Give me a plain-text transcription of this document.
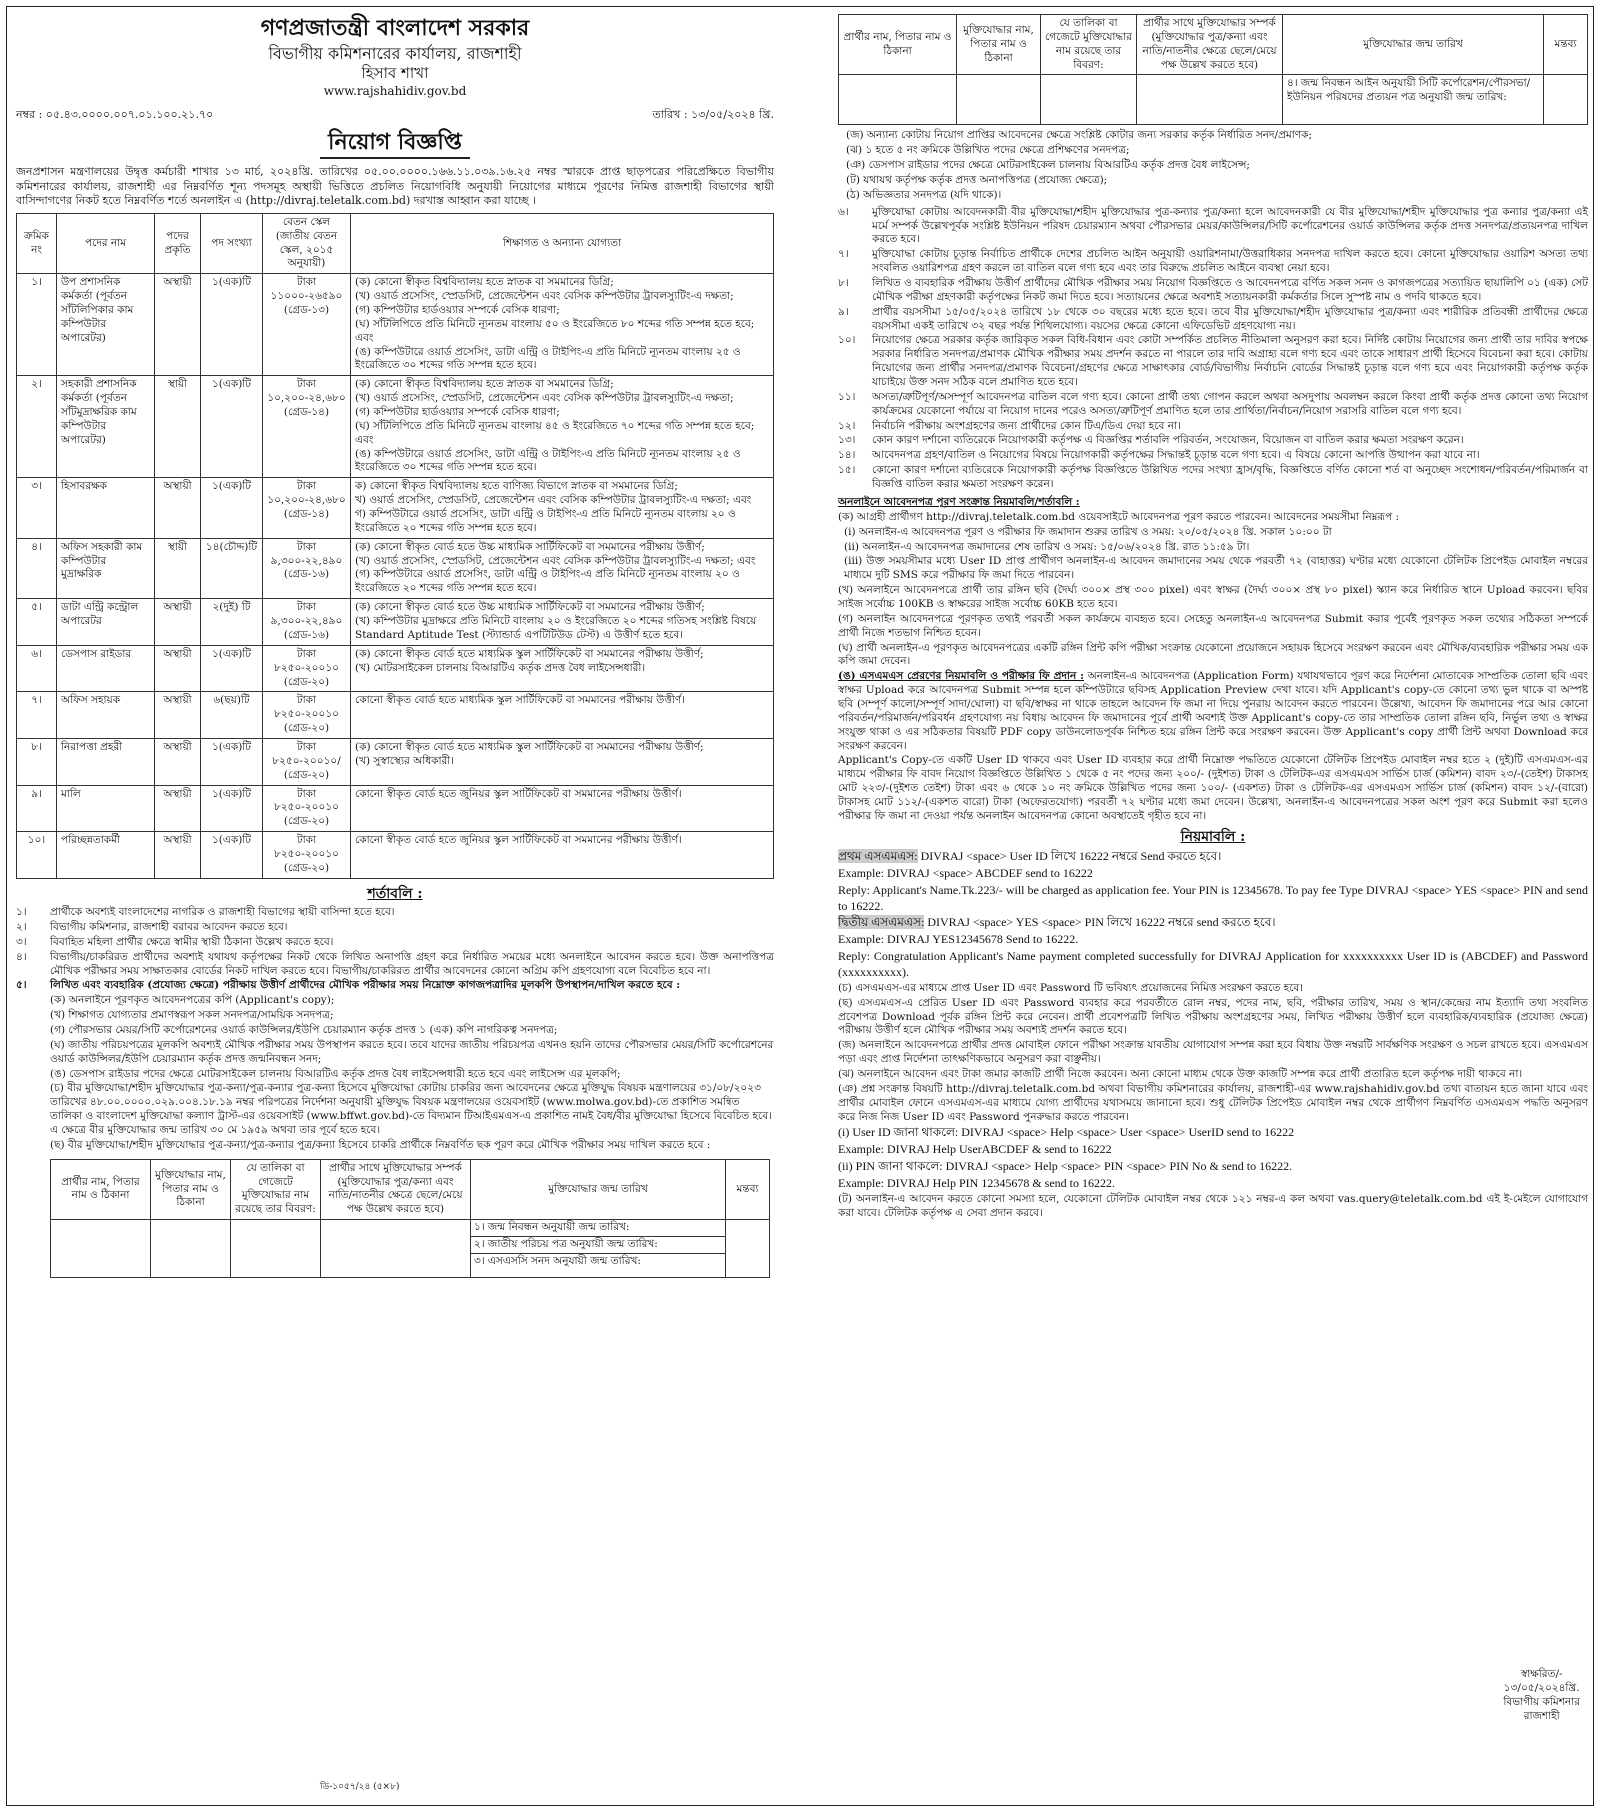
গণপ্রজাতন্ত্রী বাংলাদেশ সরকার
বিভাগীয় কমিশনারের কার্যালয়, রাজশাহী
হিসাব শাখা
www.rajshahidiv.gov.bd
নম্বর : ০৫.৪৩.০০০০.০০৭.০১.১০০.২১.৭০	তারিখ : ১৩/০৫/২০২৪ খ্রি.
নিয়োগ বিজ্ঞপ্তি
জনপ্রশাসন মন্ত্রণালয়ের উদ্বৃত্ত কর্মচারী শাখার ১৩ মার্চ, ২০২৪খ্রি. তারিখের ০৫.০০.০০০০.১৬৬.১১.০৩৯.১৬.২৫ নম্বর স্মারকে প্রাপ্ত ছাড়পত্রের পরিপ্রেক্ষিতে বিভাগীয় কমিশনারের কার্যালয়, রাজশাহী এর নিম্নবর্ণিত শূন্য পদসমূহ অস্থায়ী ভিত্তিতে প্রচলিত নিয়োগবিধি অনুযায়ী নিয়োগের মাধ্যমে পূরণের নিমিত্ত রাজশাহী বিভাগের স্থায়ী বাসিন্দাগণের নিকট হতে নিম্নবর্ণিত শর্তে অনলাইন এ (http://divraj.teletalk.com.bd) দরখাস্ত আহ্বান করা যাচ্ছে ।
ক্রমিক নং	পদের নাম	পদের প্রকৃতি	পদ সংখ্যা	বেতন স্কেল (জাতীয় বেতন স্কেল, ২০১৫ অনুযায়ী)	শিক্ষাগত ও অন্যান্য যোগ্যতা
১।	উপ প্রশাসনিক কর্মকর্তা (পূর্বতন সাঁটলিপিকার কাম কম্পিউটার অপারেটর)	অস্থায়ী	১(এক)টি	টাকা ১১০০০-২৬৫৯০ (গ্রেড-১৩)	(ক) কোনো স্বীকৃত বিশ্ববিদ্যালয় হতে স্নাতক বা সমমানের ডিগ্রি;

(খ) ওয়ার্ড প্রসেসিং, স্প্রেডসিট, প্রেজেন্টেশন এবং বেসিক কম্পিউটার ট্রাবলস্যুটিং-এ দক্ষতা;

(গ) কম্পিউটার হার্ডওয়্যার সম্পর্কে বেসিক ধারণা;

(ঘ) সাঁটলিপিতে প্রতি মিনিটে ন্যূনতম বাংলায় ৫০ ও ইংরেজিতে ৮০ শব্দের গতি সম্পন্ন হতে হবে; এবং

(ঙ) কম্পিউটারে ওয়ার্ড প্রসেসিং, ডাটা এন্ট্রি ও টাইপিং-এ প্রতি মিনিটে ন্যূনতম বাংলায় ২৫ ও ইংরেজিতে ৩০ শব্দের গতি সম্পন্ন হতে হবে।

২।	সহকারী প্রশাসনিক কর্মকর্তা (পূর্বতন সাঁটমুদ্রাক্ষরিক কাম কম্পিউটার অপারেটর)	স্থায়ী	১(এক)টি	টাকা ১০,২০০-২৪,৬৮০ (গ্রেড-১৪)	(ক) কোনো স্বীকৃত বিশ্ববিদ্যালয় হতে স্নাতক বা সমমানের ডিগ্রি;

(খ) ওয়ার্ড প্রসেসিং, স্প্রেডসিট, প্রেজেন্টেশন এবং বেসিক কম্পিউটার ট্রাবলস্যুটিং-এ দক্ষতা;

(গ) কম্পিউটার হার্ডওয়্যার সম্পর্কে বেসিক ধারণা;

(ঘ) সাঁটলিপিতে প্রতি মিনিটে ন্যূনতম বাংলায় ৪৫ ও ইংরেজিতে ৭০ শব্দের গতি সম্পন্ন হতে হবে; এবং

(ঙ) কম্পিউটারে ওয়ার্ড প্রসেসিং, ডাটা এন্ট্রি ও টাইপিং-এ প্রতি মিনিটে ন্যূনতম বাংলায় ২৫ ও ইংরেজিতে ৩০ শব্দের গতি সম্পন্ন হতে হবে।

৩।	হিসাবরক্ষক	অস্থায়ী	১(এক)টি	টাকা ১০,২০০-২৪,৬৮০ (গ্রেড-১৪)	ক) কোনো স্বীকৃত বিশ্ববিদ্যালয় হতে বাণিজ্য বিভাগে স্নাতক বা সমমানের ডিগ্রি;

খ) ওয়ার্ড প্রসেসিং, স্প্রেডসিট, প্রেজেন্টেশন এবং বেসিক কম্পিউটার ট্রাবলস্যুটিং-এ দক্ষতা; এবং

গ) কম্পিউটারে ওয়ার্ড প্রসেসিং, ডাটা এন্ট্রি ও টাইপিং-এ প্রতি মিনিটে ন্যূনতম বাংলায় ২০ ও ইংরেজিতে ২০ শব্দের গতি সম্পন্ন হতে হবে।

৪।	অফিস সহকারী কাম কম্পিউটার মুদ্রাক্ষরিক	স্থায়ী	১৪(চৌদ্দ)টি	টাকা ৯,৩০০-২২,৪৯০ (গ্রেড-১৬)	(ক) কোনো স্বীকৃত বোর্ড হতে উচ্চ মাধ্যমিক সার্টিফিকেট বা সমমানের পরীক্ষায় উত্তীর্ণ;

(খ) ওয়ার্ড প্রসেসিং, স্প্রেডসিট, প্রেজেন্টেশন এবং বেসিক কম্পিউটার ট্রাবলস্যুটিং-এ দক্ষতা; এবং

(গ) কম্পিউটারে ওয়ার্ড প্রসেসিং, ডাটা এন্ট্রি ও টাইপিং-এ প্রতি মিনিটে ন্যূনতম বাংলায় ২০ ও ইংরেজিতে ২০ শব্দের গতি সম্পন্ন হতে হবে।

৫।	ডাটা এন্ট্রি কন্ট্রোল অপারেটর	অস্থায়ী	২(দুই) টি	টাকা ৯,৩০০-২২,৪৯০ (গ্রেড-১৬)	(ক) কোনো স্বীকৃত বোর্ড হতে উচ্চ মাধ্যমিক সার্টিফিকেট বা সমমানের পরীক্ষায় উত্তীর্ণ;

(খ) কম্পিউটার মুদ্রাক্ষরে প্রতি মিনিটে বাংলায় ২০ ও ইংরেজিতে ২০ শব্দের গতিসহ সংশ্লিষ্ট বিষয়ে Standard Aptitude Test (স্ট্যান্ডার্ড এপটিটিউড টেস্ট) এ উত্তীর্ণ হতে হবে।

৬।	ডেসপাস রাইডার	অস্থায়ী	১(এক)টি	টাকা ৮২৫০-২০০১০ (গ্রেড-২০)	(ক) কোনো স্বীকৃত বোর্ড হতে মাধ্যমিক স্কুল সার্টিফিকেট বা সমমানের পরীক্ষায় উত্তীর্ণ;

(খ) মোটরসাইকেল চালনায় বিআরটিএ কর্তৃক প্রদত্ত বৈধ লাইসেন্সধারী।

৭।	অফিস সহায়ক	অস্থায়ী	৬(ছয়)টি	টাকা ৮২৫০-২০০১০ (গ্রেড-২০)	কোনো স্বীকৃত বোর্ড হতে মাধ্যমিক স্কুল সার্টিফিকেট বা সমমানের পরীক্ষায় উত্তীর্ণ।

৮।	নিরাপত্তা প্রহরী	অস্থায়ী	১(এক)টি	টাকা ৮২৫০-২০০১০/ (গ্রেড-২০)	(ক) কোনো স্বীকৃত বোর্ড হতে মাধ্যমিক স্কুল সার্টিফিকেট বা সমমানের পরীক্ষায় উত্তীর্ণ;

(খ) সুস্বাস্থ্যের অধিকারী।

৯।	মালি	অস্থায়ী	১(এক)টি	টাকা ৮২৫০-২০০১০ (গ্রেড-২০)	কোনো স্বীকৃত বোর্ড হতে জুনিয়র স্কুল সার্টিফিকেট বা সমমানের পরীক্ষায় উত্তীর্ণ।

১০।	পরিচ্ছন্নতাকর্মী	অস্থায়ী	১(এক)টি	টাকা ৮২৫০-২০০১০ (গ্রেড-২০)	কোনো স্বীকৃত বোর্ড হতে জুনিয়র স্কুল সার্টিফিকেট বা সমমানের পরীক্ষায় উত্তীর্ণ।

শর্তাবলি :
১।	প্রার্থীকে অবশ্যই বাংলাদেশের নাগরিক ও রাজশাহী বিভাগের স্থায়ী বাসিন্দা হতে হবে।
২।	বিভাগীয় কমিশনার, রাজশাহী বরাবর আবেদন করতে হবে।
৩।	বিবাহিত মহিলা প্রার্থীর ক্ষেত্রে স্বামীর স্থায়ী ঠিকানা উল্লেখ করতে হবে।
৪।	বিভাগীয়/চাকরিরত প্রার্থীদের অবশ্যই যথাযথ কর্তৃপক্ষের নিকট থেকে লিখিত অনাপত্তি গ্রহণ করে নির্ধারিত সময়ের মধ্যে অনলাইনে আবেদন করতে হবে। উক্ত অনাপত্তিপত্র মৌখিক পরীক্ষার সময় সাক্ষাতকার বোর্ডের নিকট দাখিল করতে হবে। বিভাগীয়/চাকরিরত প্রার্থীর আবেদনের কোনো অগ্রিম কপি গ্রহণযোগ্য বলে বিবেচিত হবে না।
৫।	লিখিত এবং ব্যবহারিক (প্রযোজ্য ক্ষেত্রে) পরীক্ষায় উত্তীর্ণ প্রার্থীদের মৌখিক পরীক্ষার সময় নিম্নোক্ত কাগজপত্রাদির মূলকপি উপস্থাপন/দাখিল করতে হবে :

(ক) অনলাইনে পূরণকৃত আবেদনপত্রের কপি (Applicant's copy);

(খ) শিক্ষাগত যোগ্যতার প্রমাণস্বরূপ সকল সনদপত্র/সাময়িক সনদপত্র;

(গ) পৌরসভার মেয়র/সিটি কর্পোরেশনের ওয়ার্ড কাউন্সিলর/ইউপি চেয়ারম্যান কর্তৃক প্রদত্ত ১ (এক) কপি নাগরিকত্ব সনদপত্র;

(ঘ) জাতীয় পরিচয়পত্রের মূলকপি অবশ্যই মৌখিক পরীক্ষার সময় উপস্থাপন করতে হবে। তবে যাদের জাতীয় পরিচয়পত্র এখনও হয়নি তাদের পৌরসভার মেয়র/সিটি কর্পোরেশনের ওয়ার্ড কাউন্সিলর/ইউপি চেয়ারম্যান কর্তৃক প্রদত্ত জন্মনিবন্ধন সনদ;

(ঙ) ডেসপাস রাইডার পদের ক্ষেত্রে মোটরসাইকেল চালনায় বিআরটিএ কর্তৃক প্রদত্ত বৈধ লাইসেন্সধারী হতে হবে এবং লাইসেন্স এর মূলকপি;

(চ) বীর মুক্তিযোদ্ধা/শহীদ মুক্তিযোদ্ধার পুত্র-কন্যা/পুত্র-কন্যার পুত্র-কন্যা হিসেবে মুক্তিযোদ্ধা কোটায় চাকরির জন্য আবেদনের ক্ষেত্রে মুক্তিযুদ্ধ বিষয়ক মন্ত্রণালয়ের ৩১/০৮/২০২৩ তারিখের ৪৮.০০.০০০০.০২৯.০০৪.১৮.১৯ নম্বর পরিপত্রের নির্দেশনা অনুযায়ী মুক্তিযুদ্ধ বিষয়ক মন্ত্রণালয়ের ওয়েবসাইট (www.molwa.gov.bd)-তে প্রকাশিত সমন্বিত তালিকা ও বাংলাদেশ মুক্তিযোদ্ধা কল্যাণ ট্রাস্ট-এর ওয়েবসাইট (www.bffwt.gov.bd)-তে বিদ্যমান টিআইএমএস-এ প্রকাশিত নামই বৈধ/বীর মুক্তিযোদ্ধা হিসেবে বিবেচিত হবে। এ ক্ষেত্রে বীর মুক্তিযোদ্ধার জন্ম তারিখ ৩০ মে ১৯৫৯ অথবা তার পূর্বে হতে হবে।

(ছ) বীর মুক্তিযোদ্ধা/শহীদ মুক্তিযোদ্ধার পুত্র-কন্যা/পুত্র-কন্যার পুত্র/কন্যা হিসেবে চাকরি প্রার্থীকে নিম্নবর্ণিত ছক পূরণ করে মৌখিক পরীক্ষার সময় দাখিল করতে হবে :

প্রার্থীর নাম, পিতার নাম ও ঠিকানা	মুক্তিযোদ্ধার নাম, পিতার নাম ও ঠিকানা	যে তালিকা বা গেজেটে মুক্তিযোদ্ধার নাম রয়েছে তার বিবরণ:	প্রার্থীর সাথে মুক্তিযোদ্ধার সম্পর্ক (মুক্তিযোদ্ধার পুত্র/কন্যা এবং নাতি/নাতনীর ক্ষেত্রে ছেলে/মেয়ে পক্ষ উল্লেখ করতে হবে)	মুক্তিযোদ্ধার জন্ম তারিখ	মন্তব্য

				১। জন্ম নিবন্ধন অনুযায়ী জন্ম তারিখ:
২। জাতীয় পরিচয় পত্র অনুযায়ী জন্ম তারিখ:
৩। এসএসসি সনদ অনুযায়ী জন্ম তারিখ:	

প্রার্থীর নাম, পিতার নাম ও ঠিকানা	মুক্তিযোদ্ধার নাম, পিতার নাম ও ঠিকানা	যে তালিকা বা গেজেটে মুক্তিযোদ্ধার নাম রয়েছে তার বিবরণ:	প্রার্থীর সাথে মুক্তিযোদ্ধার সম্পর্ক (মুক্তিযোদ্ধার পুত্র/কন্যা এবং নাতি/নাতনীর ক্ষেত্রে ছেলে/মেয়ে পক্ষ উল্লেখ করতে হবে)	মুক্তিযোদ্ধার জন্ম তারিখ	মন্তব্য
				৪। জন্ম নিবন্ধন আইন অনুযায়ী সিটি কর্পোরেশন/পৌরসভা/ইউনিয়ন পরিষদের প্রত্যয়ন পত্র অনুযায়ী জন্ম তারিখ:	

(জ) অন্যান্য কোটায় নিয়োগ প্রাপ্তির আবেদনের ক্ষেত্রে সংশ্লিষ্ট কোটার জন্য সরকার কর্তৃক নির্ধারিত সনদ/প্রমাণক;

(ঝ) ১ হতে ৫ নং ক্রমিকে উল্লিখিত পদের ক্ষেত্রে প্রশিক্ষণের সনদপত্র;

(ঞ) ডেসপাস রাইডার পদের ক্ষেত্রে মোটরসাইকেল চালনায় বিআরটিএ কর্তৃক প্রদত্ত বৈধ লাইসেন্স;

(ট) যথাযথ কর্তৃপক্ষ কর্তৃক প্রদত্ত অনাপত্তিপত্র (প্রযোজ্য ক্ষেত্রে);

(ঠ) অভিজ্ঞতার সনদপত্র (যদি থাকে)।

৬।	মুক্তিযোদ্ধা কোটায় আবেদনকারী বীর মুক্তিযোদ্ধা/শহীদ মুক্তিযোদ্ধার পুত্র-কন্যার পুত্র/কন্যা হলে আবেদনকারী যে বীর মুক্তিযোদ্ধা/শহীদ মুক্তিযোদ্ধার পুত্র কন্যার পুত্র/কন্যা এই মর্মে সম্পর্ক উল্লেখপূর্বক সংশ্লিষ্ট ইউনিয়ন পরিষদ চেয়ারম্যান অথবা পৌরসভার মেয়র/কাউন্সিলর/সিটি কর্পোরেশনের ওয়ার্ড কাউন্সিলর কর্তৃক প্রদত্ত সনদপত্র/প্রত্যয়নপত্র দাখিল করতে হবে।
৭।	মুক্তিযোদ্ধা কোটায় চূড়ান্ত নির্বাচিত প্রার্থীকে দেশের প্রচলিত আইন অনুযায়ী ওয়ারিশনামা/উত্তরাধিকার সনদপত্র দাখিল করতে হবে। কোনো মুক্তিযোদ্ধার ওয়ারিশ অসত্য তথ্য সংবলিত ওয়ারিশপত্র গ্রহণ করলে তা বাতিল বলে গণ্য হবে এবং তার বিরুদ্ধে প্রচলিত আইনে ব্যবস্থা নেয়া হবে।
৮।	লিখিত ও ব্যবহারিক পরীক্ষায় উত্তীর্ণ প্রার্থীদের মৌখিক পরীক্ষার সময় নিয়োগ বিজ্ঞপ্তিতে ও আবেদনপত্রে বর্ণিত সকল সনদ ও কাগজপত্রের সত্যায়িত ছায়ালিপি ০১ (এক) সেট মৌখিক পরীক্ষা গ্রহণকারী কর্তৃপক্ষের নিকট জমা দিতে হবে। সত্যায়নের ক্ষেত্রে অবশ্যই সত্যায়নকারী কর্মকর্তার সিলে সুস্পষ্ট নাম ও পদবি থাকতে হবে।
৯।	প্রার্থীর বয়সসীমা ১৫/০৫/২০২৪ তারিখে ১৮ থেকে ৩০ বছরের মধ্যে হতে হবে। তবে বীর মুক্তিযোদ্ধা/শহীদ মুক্তিযোদ্ধার পুত্র/কন্যা এবং শারীরিক প্রতিবন্ধী প্রার্থীদের ক্ষেত্রে বয়সসীমা একই তারিখে ৩২ বছর পর্যন্ত শিথিলযোগ্য। বয়সের ক্ষেত্রে কোনো এফিডেভিট গ্রহণযোগ্য নয়।
১০।	নিয়োগের ক্ষেত্রে সরকার কর্তৃক জারিকৃত সকল বিধি-বিধান এবং কোটা সম্পর্কিত প্রচলিত নীতিমালা অনুসরণ করা হবে। নির্দিষ্ট কোটায় নিয়োগের জন্য প্রার্থী তার দাবির স্বপক্ষে সরকার নির্ধারিত সনদপত্র/প্রমাণক মৌখিক পরীক্ষার সময় প্রদর্শন করতে না পারলে তার দাবি অগ্রাহ্য বলে গণ্য হবে এবং তাকে সাধারণ প্রার্থী হিসেবে বিবেচনা করা হবে। কোটায় নিয়োগের জন্য প্রার্থীর সনদপত্র/প্রমাণক বিবেচনা/গ্রহণের ক্ষেত্রে সাক্ষাৎকার বোর্ড/বিভাগীয় নির্বাচনি বোর্ডের সিদ্ধান্তই চূড়ান্ত বলে গণ্য হবে এবং নিয়োগকারী কর্তৃপক্ষ কর্তৃক যাচাইয়ে উক্ত সনদ সঠিক বলে প্রমাণিত হতে হবে।
১১।	অসত্য/ত্রুটিপূর্ণ/অসম্পূর্ণ আবেদনপত্র বাতিল বলে গণ্য হবে। কোনো প্রার্থী তথ্য গোপন করলে অথবা অসদুপায় অবলম্বন করলে কিংবা প্রার্থী কর্তৃক প্রদত্ত কোনো তথ্য নিয়োগ কার্যক্রমের যেকোনো পর্যায়ে বা নিয়োগ দানের পরেও অসত্য/ত্রুটিপূর্ণ প্রমাণিত হলে তার প্রার্থিতা/নির্বাচন/নিয়োগ সরাসরি বাতিল বলে গণ্য হবে।
১২।	নির্বাচনি পরীক্ষায় অংশগ্রহণের জন্য প্রার্থীদের কোন টিএ/ডিএ দেয়া হবে না।
১৩।	কোন কারণ দর্শানো ব্যতিরেকে নিয়োগকারী কর্তৃপক্ষ এ বিজ্ঞপ্তির শর্তাবলি পরিবর্তন, সংযোজন, বিয়োজন বা বাতিল করার ক্ষমতা সংরক্ষণ করেন।
১৪।	আবেদনপত্র গ্রহণ/বাতিল ও নিয়োগের বিষয়ে নিয়োগকারী কর্তৃপক্ষের সিদ্ধান্তই চূড়ান্ত বলে গণ্য হবে। এ বিষয়ে কোনো আপত্তি উত্থাপন করা যাবে না।
১৫।	কোনো কারণ দর্শানো ব্যতিরেকে নিয়োগকারী কর্তৃপক্ষ বিজ্ঞপ্তিতে উল্লিখিত পদের সংখ্যা হ্রাস/বৃদ্ধি, বিজ্ঞপ্তিতে বর্ণিত কোনো শর্ত বা অনুচ্ছেদ সংশোধন/পরিবর্তন/পরিমার্জন বা বিজ্ঞপ্তি বাতিল করার ক্ষমতা সংরক্ষণ করেন।
অনলাইনে আবেদনপত্র পূরণ সংক্রান্ত নিয়মাবলি/শর্তাবলি :
(ক) আগ্রহী প্রার্থীগণ http://divraj.teletalk.com.bd ওয়েবসাইটে আবেদনপত্র পূরণ করতে পারবেন। আবেদনের সময়সীমা নিম্নরূপ :
(i) অনলাইন-এ আবেদনপত্র পূরণ ও পরীক্ষার ফি জমাদান শুরুর তারিখ ও সময়: ২০/০৫/২০২৪ খ্রি. সকাল ১০:০০ টা
(ii) অনলাইন-এ আবেদনপত্র জমাদানের শেষ তারিখ ও সময়: ১৫/০৬/২০২৪ খ্রি. রাত ১১:৫৯ টা।
(iii) উক্ত সময়সীমার মধ্যে User ID প্রাপ্ত প্রার্থীগণ অনলাইন-এ আবেদন জমাদানের সময় থেকে পরবর্তী ৭২ (বাহাত্তর) ঘণ্টার মধ্যে যেকোনো টেলিটক প্রিপেইড মোবাইল নম্বরের মাধ্যমে দুটি SMS করে পরীক্ষার ফি জমা দিতে পারবেন।
(খ) অনলাইনে আবেদনপত্রে প্রার্থী তার রঙ্গিন ছবি (দৈর্ঘ্য ৩০০× প্রস্থ ৩০০ pixel) এবং স্বাক্ষর (দৈর্ঘ্য ৩০০× প্রস্থ ৮০ pixel) স্ক্যান করে নির্ধারিত স্থানে Upload করবেন। ছবির সাইজ সর্বোচ্চ 100KB ও স্বাক্ষরের সাইজ সর্বোচ্চ 60KB হতে হবে।
(গ) অনলাইন আবেদনপত্রে পূরণকৃত তথ্যই পরবর্তী সকল কার্যক্রমে ব্যবহৃত হবে। সেহেতু অনলাইন-এ আবেদনপত্র Submit করার পূর্বেই পূরণকৃত সকল তথ্যের সঠিকতা সম্পর্কে প্রার্থী নিজে শতভাগ নিশ্চিত হবেন।
(ঘ) প্রার্থী অনলাইন-এ পূরণকৃত আবেদনপত্রের একটি রঙ্গিন প্রিন্ট কপি পরীক্ষা সংক্রান্ত যেকোনো প্রয়োজনে সহায়ক হিসেবে সংরক্ষণ করবেন এবং মৌখিক/ব্যবহারিক পরীক্ষার সময় এক কপি জমা দেবেন।
(ঙ) এসএমএস প্রেরণের নিয়মাবলি ও পরীক্ষার ফি প্রদান : অনলাইন-এ আবেদনপত্র (Application Form) যথাযথভাবে পূরণ করে নির্দেশনা মোতাবেক সাম্প্রতিক তোলা ছবি এবং স্বাক্ষর Upload করে আবেদনপত্র Submit সম্পন্ন হলে কম্পিউটারে ছবিসহ Application Preview দেখা যাবে। যদি Applicant's copy-তে কোনো তথ্য ভুল থাকে বা অস্পষ্ট ছবি (সম্পূর্ণ কালো/সম্পূর্ণ সাদা/ঘোলা) বা ছবি/স্বাক্ষর না থাকে তাহলে আবেদন ফি জমা না দিয়ে পুনরায় আবেদন করতে পারবেন। উল্লেখ্য, আবেদন ফি জমাদানের পরে আর কোনো পরিবর্তন/পরিমার্জন/পরিবর্ধন গ্রহণযোগ্য নয় বিধায় আবেদন ফি জমাদানের পূর্বে প্রার্থী অবশ্যই উক্ত Applicant's copy-তে তার সাম্প্রতিক তোলা রঙ্গিন ছবি, নির্ভুল তথ্য ও স্বাক্ষর সংযুক্ত থাকা ও এর সঠিকতার বিষয়টি PDF copy ডাউনলোডপূর্বক নিশ্চিত হয়ে রঙ্গিন প্রিন্ট করে সংরক্ষণ করবেন। উক্ত Applicant's copy প্রার্থী প্রিন্ট অথবা Download করে সংরক্ষণ করবেন।
Applicant's Copy-তে একটি User ID থাকবে এবং User ID ব্যবহার করে প্রার্থী নিম্নোক্ত পদ্ধতিতে যেকোনো টেলিটক প্রিপেইড মোবাইল নম্বর হতে ২ (দুই)টি এসএমএস-এর মাধ্যমে পরীক্ষার ফি বাবদ নিয়োগ বিজ্ঞপ্তিতে উল্লিখিত ১ থেকে ৫ নং পদের জন্য ২০০/- (দুইশত) টাকা ও টেলিটক-এর এসএমএস সার্ভিস চার্জ (কমিশন) বাবদ ২৩/-(তেইশ) টাকাসহ মোট ২২৩/-(দুইশত তেইশ) টাকা এবং ৬ থেকে ১০ নং ক্রমিকে উল্লিখিত পদের জন্য ১০০/- (একশত) টাকা ও টেলিটক-এর এসএমএস সার্ভিস চার্জ (কমিশন) বাবদ ১২/-(বারো) টাকাসহ মোট ১১২/-(একশত বারো) টাকা (অফেরতযোগ্য) পরবর্তী ৭২ ঘণ্টার মধ্যে জমা দেবেন। উল্লেখ্য, অনলাইন-এ আবেদনপত্রের সকল অংশ পূরণ করে Submit করা হলেও পরীক্ষার ফি জমা না দেওয়া পর্যন্ত অনলাইন আবেদনপত্র কোনো অবস্থাতেই গৃহীত হবে না।
নিয়মাবলি :
প্রথম এসএমএস: DIVRAJ <space> User ID লিখে 16222 নম্বরে Send করতে হবে।
Example: DIVRAJ <space> ABCDEF send to 16222
Reply: Applicant's Name.Tk.223/- will be charged as application fee. Your PIN is 12345678. To pay fee Type DIVRAJ <space> YES <space> PIN and send to 16222.
দ্বিতীয় এসএমএস: DIVRAJ <space> YES <space> PIN লিখে 16222 নম্বরে send করতে হবে।
Example: DIVRAJ YES12345678 Send to 16222.
Reply: Congratulation Applicant's Name payment completed successfully for DIVRAJ Application for xxxxxxxxxx User ID is (ABCDEF) and Password (xxxxxxxxxx).
(চ) এসএমএস-এর মাধ্যমে প্রাপ্ত User ID এবং Password টি ভবিষ্যৎ প্রয়োজনের নিমিত্ত সংরক্ষণ করতে হবে।
(ছ) এসএমএস-এ প্রেরিত User ID এবং Password ব্যবহার করে পরবর্তীতে রোল নম্বর, পদের নাম, ছবি, পরীক্ষার তারিখ, সময় ও স্থান/কেন্দ্রের নাম ইত্যাদি তথ্য সংবলিত প্রবেশপত্র Download পূর্বক রঙ্গিন প্রিন্ট করে নেবেন। প্রার্থী প্রবেশপত্রটি লিখিত পরীক্ষায় অংশগ্রহণের সময়, লিখিত পরীক্ষায় উত্তীর্ণ হলে ব্যবহারিক/ব্যবহারিক (প্রযোজ্য ক্ষেত্রে) পরীক্ষায় উত্তীর্ণ হলে মৌখিক পরীক্ষার সময় অবশ্যই প্রদর্শন করতে হবে।
(জ) অনলাইনে আবেদনপত্রে প্রার্থীর প্রদত্ত মোবাইল ফোনে পরীক্ষা সংক্রান্ত যাবতীয় যোগাযোগ সম্পন্ন করা হবে বিধায় উক্ত নম্বরটি সার্বক্ষণিক সংরক্ষণ ও সচল রাখতে হবে। এসএমএস পড়া এবং প্রাপ্ত নির্দেশনা তাৎক্ষণিকভাবে অনুসরণ করা বাঞ্ছনীয়।
(ঝ) অনলাইনে আবেদন এবং টাকা জমার কাজটি প্রার্থী নিজে করবেন। অন্য কোনো মাধ্যম থেকে উক্ত কাজটি সম্পন্ন করে প্রার্থী প্রতারিত হলে কর্তৃপক্ষ দায়ী থাকবে না।
(ঞ) প্রশ্ন সংক্রান্ত বিষয়টি http://divraj.teletalk.com.bd অথবা বিভাগীয় কমিশনারের কার্যালয়, রাজশাহী-এর www.rajshahidiv.gov.bd তথ্য বাতায়ন হতে জানা যাবে এবং প্রার্থীর মোবাইল ফোনে এসএমএস-এর মাধ্যমে যোগ্য প্রার্থীদের যথাসময়ে জানানো হবে। শুধু টেলিটক প্রিপেইড মোবাইল নম্বর থেকে প্রার্থীগণ নিম্নবর্ণিত এসএমএস পদ্ধতি অনুসরণ করে নিজ নিজ User ID এবং Password পুনরুদ্ধার করতে পারবেন।
(i) User ID জানা থাকলে: DIVRAJ <space> Help <space> User <space> UserID send to 16222
Example: DIVRAJ Help UserABCDEF & send to 16222
(ii) PIN জানা থাকলে: DIVRAJ <space> Help <space> PIN <space> PIN No & send to 16222.
Example: DIVRAJ Help PIN 12345678 & send to 16222.
(ট) অনলাইন-এ আবেদন করতে কোনো সমস্যা হলে, যেকোনো টেলিটক মোবাইল নম্বর থেকে ১২১ নম্বর-এ কল অথবা vas.query@teletalk.com.bd এই ই-মেইলে যোগাযোগ করা যাবে। টেলিটক কর্তৃপক্ষ এ সেবা প্রদান করবে।
স্বাক্ষরিত/-
১৩/০৫/২০২৪খ্রি.
বিভাগীয় কমিশনার
রাজশাহী
ডি-১০৫৭/২৪ (৫×৮)
